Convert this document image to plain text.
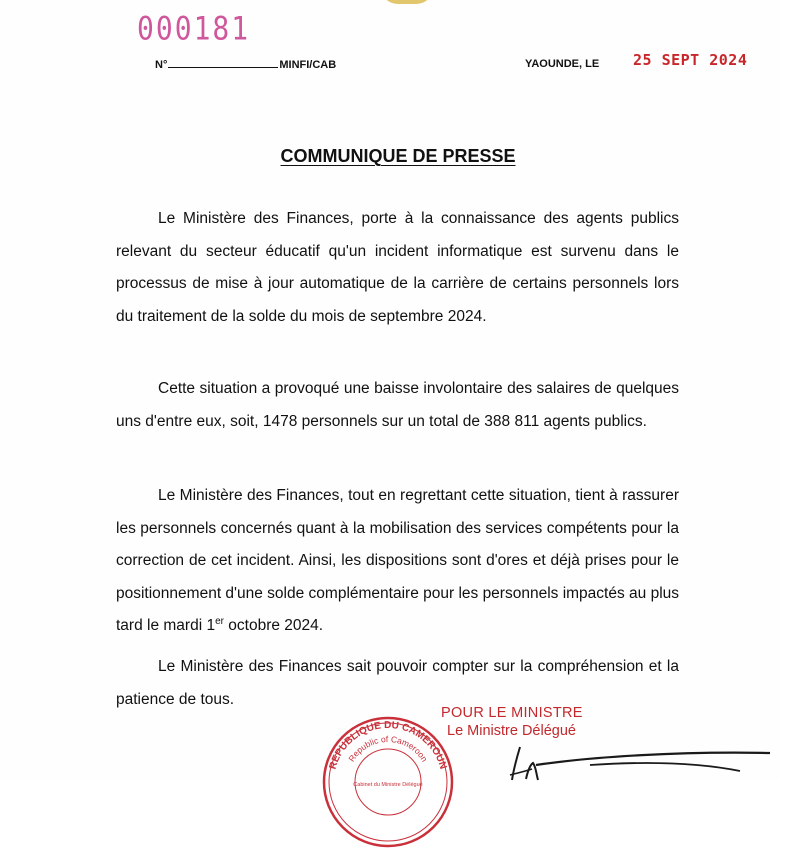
000181
N°	MINFI/CAB	YAOUNDE, LE 25 SEPT 2024
COMMUNIQUE DE PRESSE

Le Ministère des Finances, porte à la connaissance des agents publics relevant du secteur éducatif qu'un incident informatique est survenu dans le processus de mise à jour automatique de la carrière de certains personnels lors du traitement de la solde du mois de septembre 2024.

Cette situation a provoqué une baisse involontaire des salaires de quelques uns d'entre eux, soit, 1478 personnels sur un total de 388 811 agents publics.

Le Ministère des Finances, tout en regrettant cette situation, tient à rassurer les personnels concernés quant à la mobilisation des services compétents pour la correction de cet incident. Ainsi, les dispositions sont d'ores et déjà prises pour le positionnement d'une solde complémentaire pour les personnels impactés au plus tard le mardi 1er octobre 2024.

Le Ministère des Finances sait pouvoir compter sur la compréhension et la patience de tous.

REPUBLIQUE DU CAMEROUN
Republic of Cameroon
Cabinet du Ministre Délégué
POUR LE MINISTRE
Le Ministre Délégué
